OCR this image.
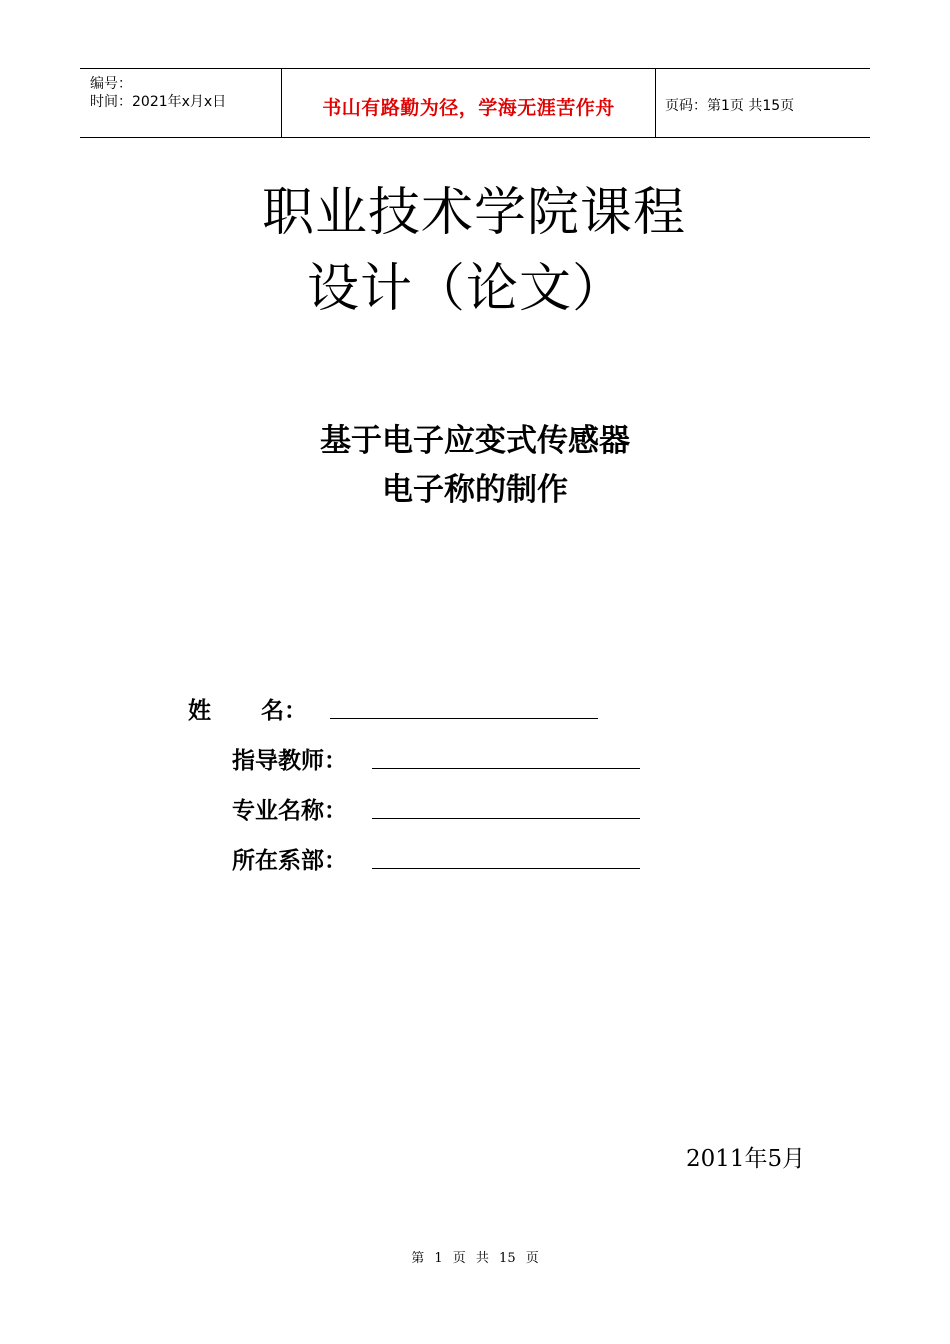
编号：
时间：2021年x月x日	书山有路勤为径，学海无涯苦作舟	页码：第1页 共15页
职业技术学院课程
设计（论文）
基于电子应变式传感器
电子称的制作
姓 名：
指导教师：
专业名称：
所在系部：
2011年5月
第 1 页 共 15 页
